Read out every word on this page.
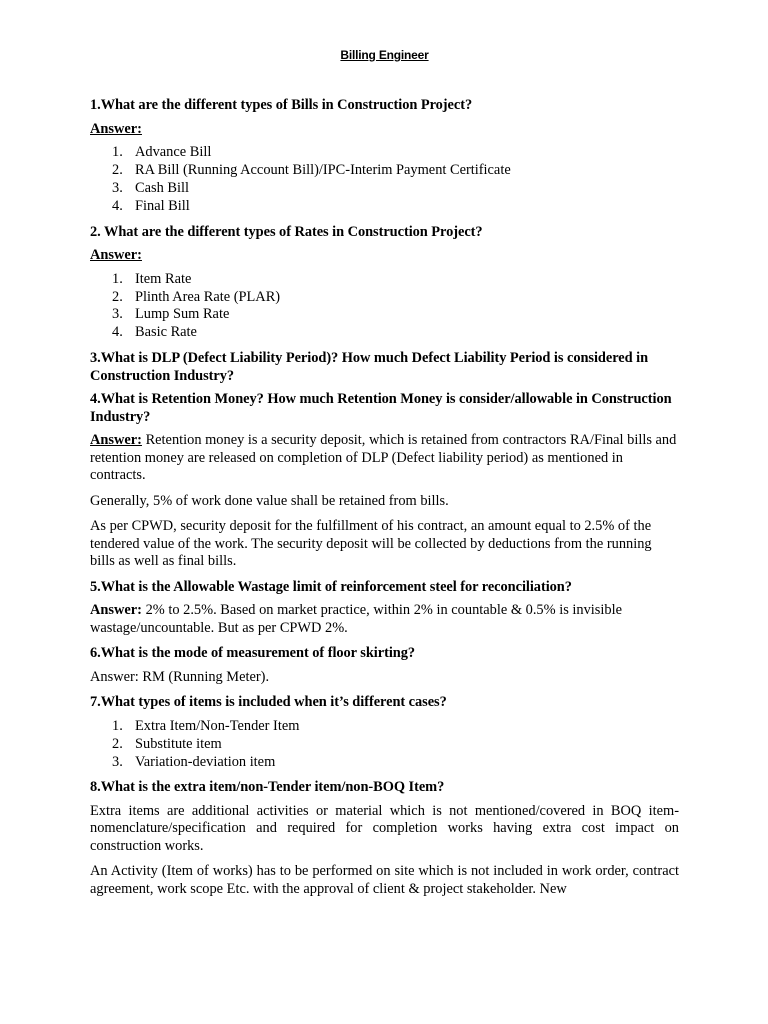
Billing Engineer
1.What are the different types of Bills in Construction Project?
Answer:
1. Advance Bill
2. RA Bill (Running Account Bill)/IPC-Interim Payment Certificate
3. Cash Bill
4. Final Bill
2. What are the different types of Rates in Construction Project?
Answer:
1. Item Rate
2. Plinth Area Rate (PLAR)
3. Lump Sum Rate
4. Basic Rate
3.What is DLP (Defect Liability Period)? How much Defect Liability Period is considered in Construction Industry?
4.What is Retention Money? How much Retention Money is consider/allowable in Construction Industry?
Answer: Retention money is a security deposit, which is retained from contractors RA/Final bills and retention money are released on completion of DLP (Defect liability period) as mentioned in contracts.
Generally, 5% of work done value shall be retained from bills.
As per CPWD, security deposit for the fulfillment of his contract, an amount equal to 2.5% of the tendered value of the work. The security deposit will be collected by deductions from the running bills as well as final bills.
5.What is the Allowable Wastage limit of reinforcement steel for reconciliation?
Answer: 2% to 2.5%. Based on market practice, within 2% in countable & 0.5% is invisible wastage/uncountable. But as per CPWD 2%.
6.What is the mode of measurement of floor skirting?
Answer: RM (Running Meter).
7.What types of items is included when it’s different cases?
1. Extra Item/Non-Tender Item
2. Substitute item
3. Variation-deviation item
8.What is the extra item/non-Tender item/non-BOQ Item?
Extra items are additional activities or material which is not mentioned/covered in BOQ item-nomenclature/specification and required for completion works having extra cost impact on construction works.
An Activity (Item of works) has to be performed on site which is not included in work order, contract agreement, work scope Etc. with the approval of client & project stakeholder. New
